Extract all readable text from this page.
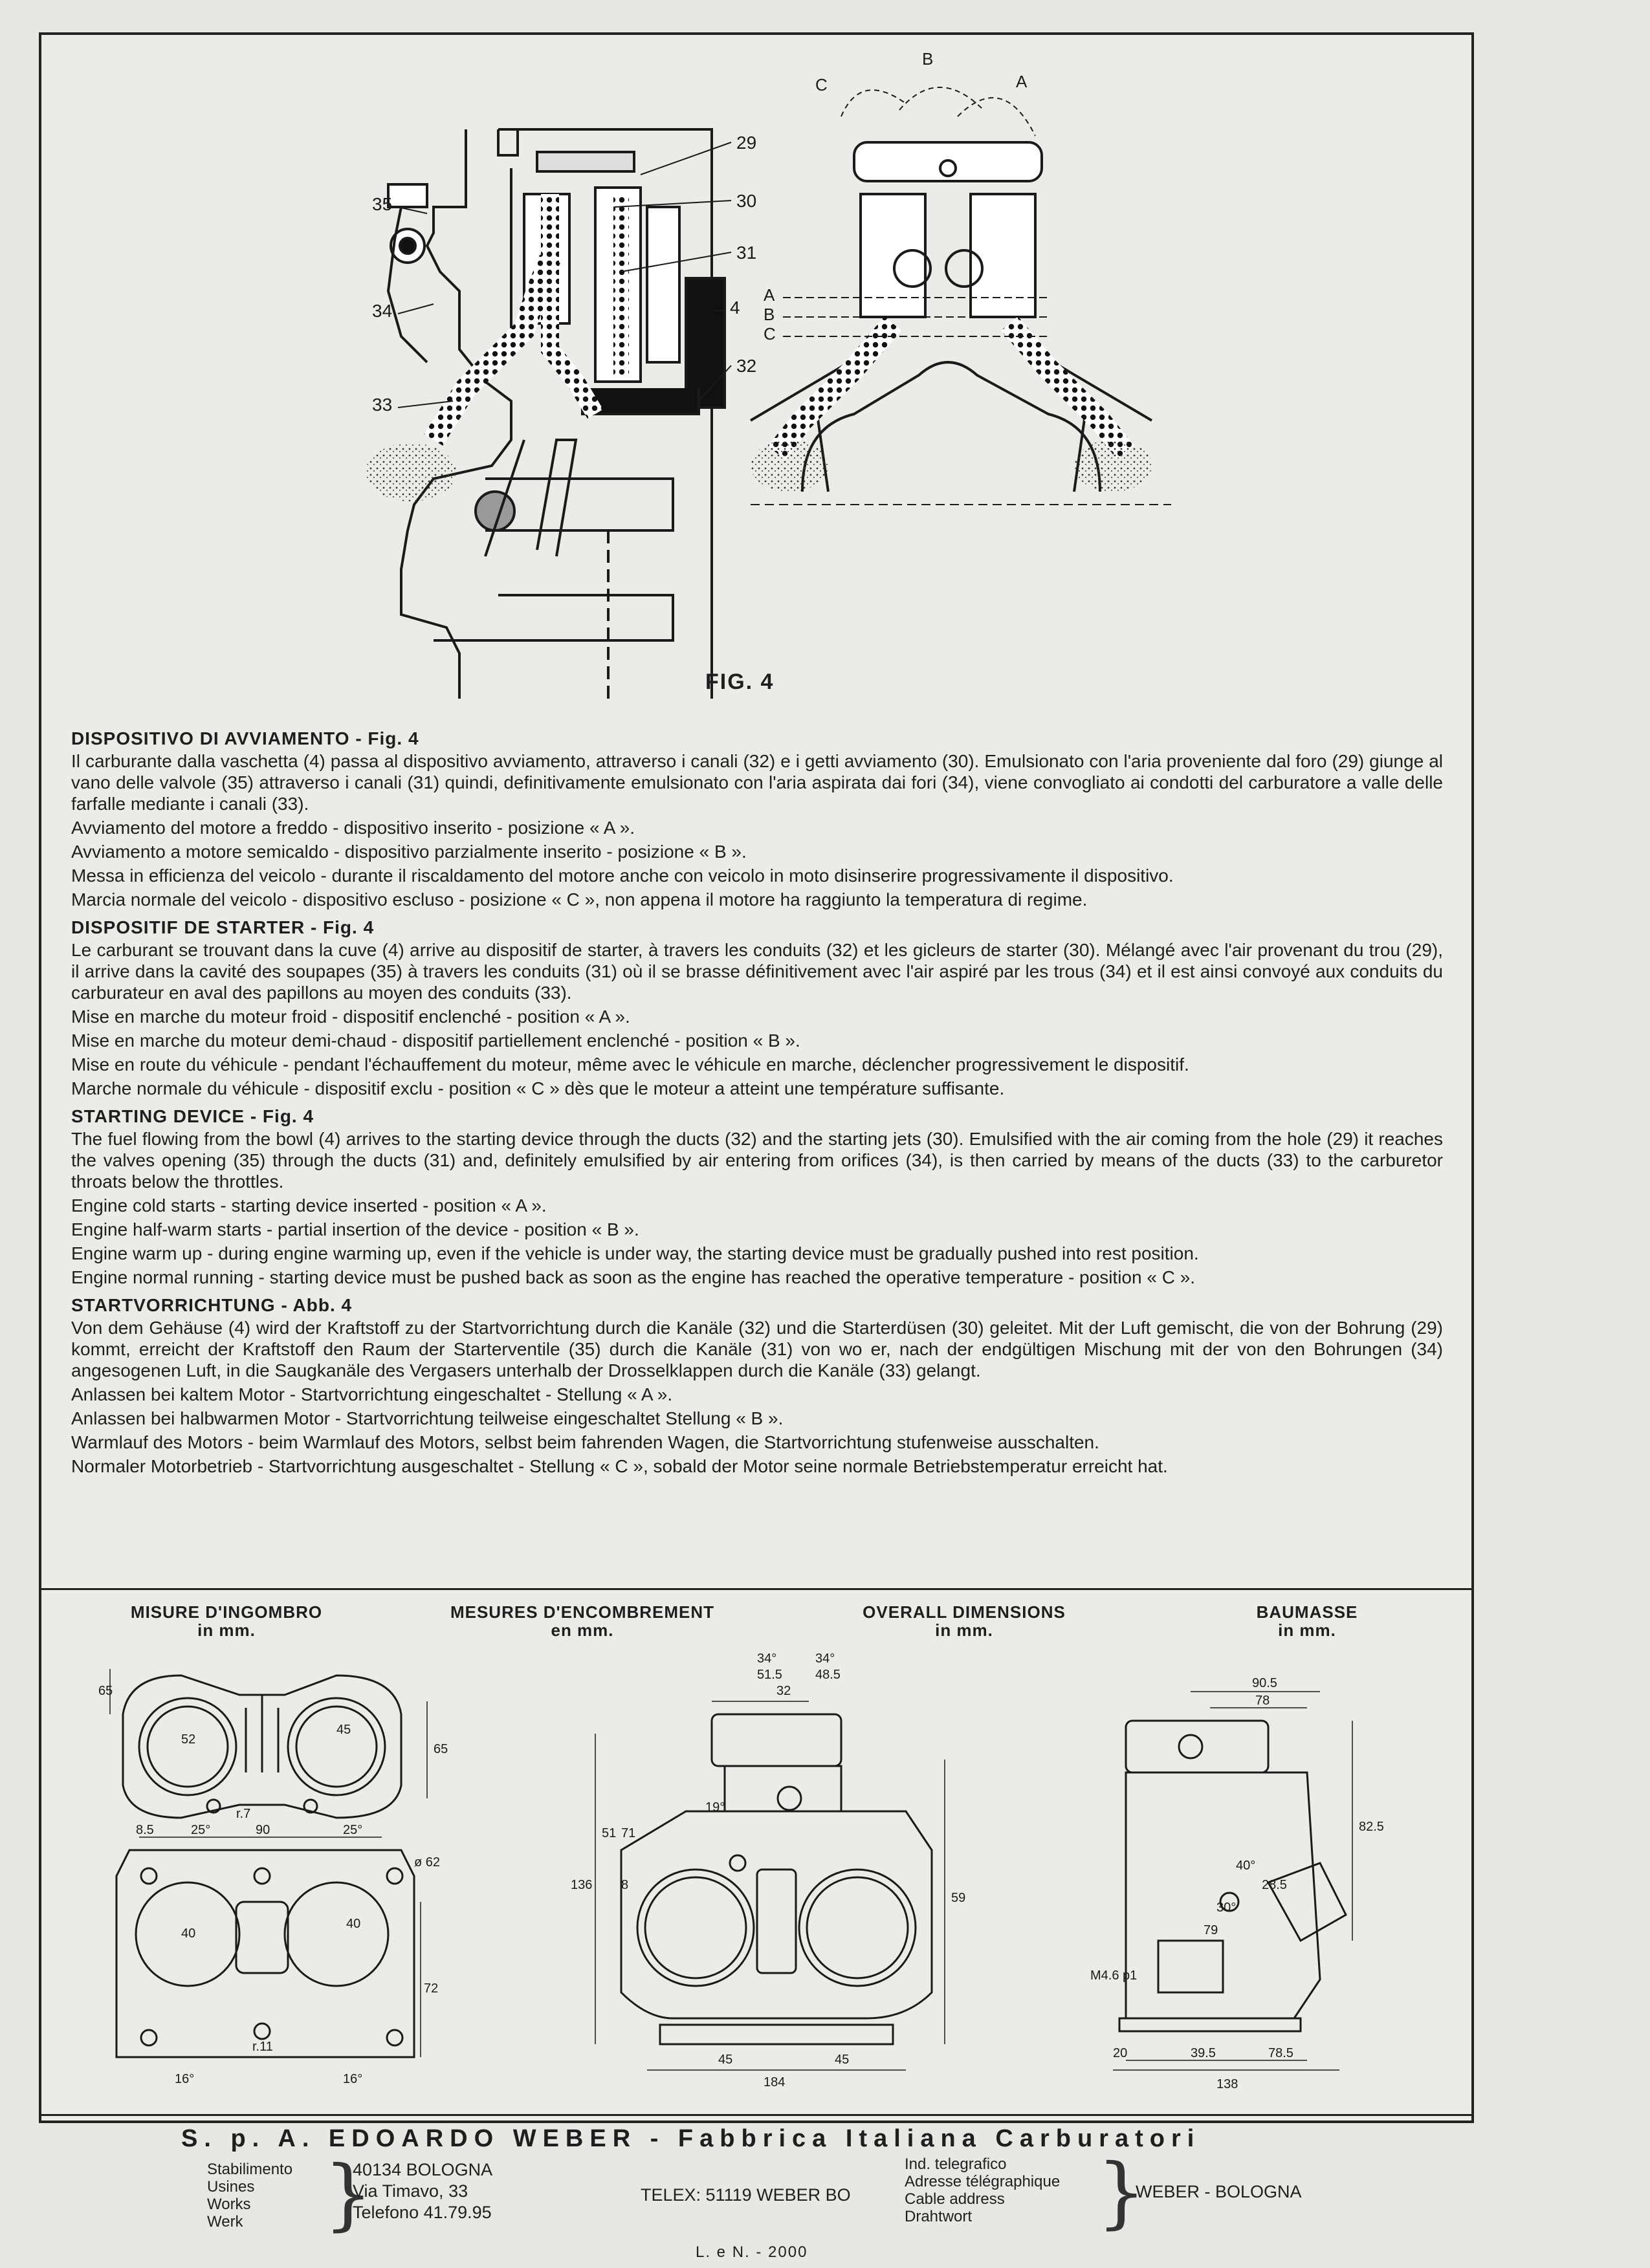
29
30
31
4
32
35
34
33
A
B
C
C
B
A
FIG. 4
DISPOSITIVO DI AVVIAMENTO - Fig. 4

Il carburante dalla vaschetta (4) passa al dispositivo avviamento, attraverso i canali (32) e i getti avviamento (30). Emulsionato con l'aria proveniente dal foro (29) giunge al vano delle valvole (35) attraverso i canali (31) quindi, definitivamente emulsionato con l'aria aspirata dai fori (34), viene convogliato ai condotti del carburatore a valle delle farfalle mediante i canali (33).

Avviamento del motore a freddo - dispositivo inserito - posizione « A ».

Avviamento a motore semicaldo - dispositivo parzialmente inserito - posizione « B ».

Messa in efficienza del veicolo - durante il riscaldamento del motore anche con veicolo in moto disinserire progressivamente il dispositivo.

Marcia normale del veicolo - dispositivo escluso - posizione « C », non appena il motore ha raggiunto la temperatura di regime.

DISPOSITIF DE STARTER - Fig. 4

Le carburant se trouvant dans la cuve (4) arrive au dispositif de starter, à travers les conduits (32) et les gicleurs de starter (30). Mélangé avec l'air provenant du trou (29), il arrive dans la cavité des soupapes (35) à travers les conduits (31) où il se brasse définitivement avec l'air aspiré par les trous (34) et il est ainsi convoyé aux conduits du carburateur en aval des papillons au moyen des conduits (33).

Mise en marche du moteur froid - dispositif enclenché - position « A ».

Mise en marche du moteur demi-chaud - dispositif partiellement enclenché - position « B ».

Mise en route du véhicule - pendant l'échauffement du moteur, même avec le véhicule en marche, déclencher progressivement le dispositif.

Marche normale du véhicule - dispositif exclu - position « C » dès que le moteur a atteint une température suffisante.

STARTING DEVICE - Fig. 4

The fuel flowing from the bowl (4) arrives to the starting device through the ducts (32) and the starting jets (30). Emulsified with the air coming from the hole (29) it reaches the valves opening (35) through the ducts (31) and, definitely emulsified by air entering from orifices (34), is then carried by means of the ducts (33) to the carburetor throats below the throttles.

Engine cold starts - starting device inserted - position « A ».

Engine half-warm starts - partial insertion of the device - position « B ».

Engine warm up - during engine warming up, even if the vehicle is under way, the starting device must be gradually pushed into rest position.

Engine normal running - starting device must be pushed back as soon as the engine has reached the operative temperature - position « C ».

STARTVORRICHTUNG - Abb. 4

Von dem Gehäuse (4) wird der Kraftstoff zu der Startvorrichtung durch die Kanäle (32) und die Starterdüsen (30) geleitet. Mit der Luft gemischt, die von der Bohrung (29) kommt, erreicht der Kraftstoff den Raum der Starterventile (35) durch die Kanäle (31) von wo er, nach der endgültigen Mischung mit der von den Bohrungen (34) angesogenen Luft, in die Saugkanäle des Vergasers unterhalb der Drosselklappen durch die Kanäle (33) gelangt.

Anlassen bei kaltem Motor - Startvorrichtung eingeschaltet - Stellung « A ».

Anlassen bei halbwarmen Motor - Startvorrichtung teilweise eingeschaltet Stellung « B ».

Warmlauf des Motors - beim Warmlauf des Motors, selbst beim fahrenden Wagen, die Startvorrichtung stufenweise ausschalten.

Normaler Motorbetrieb - Startvorrichtung ausgeschaltet - Stellung « C », sobald der Motor seine normale Betriebstemperatur erreicht hat.

MISURE D'INGOMBRO
in mm.
MESURES D'ENCOMBREMENT
en mm.
OVERALL DIMENSIONS
in mm.
BAUMASSE
in mm.
65
52
45
65
r.7
25°	25°
8.5	90
ø 62
40
40
72
r.11
16°	16°
34°	34°
51.5	48.5
32
136
51 71
8
59
45	45
184
19°
90.5
78
82.5
40°
30°
79
28.5
M4.6 p1
20	39.5	78.5
138
S. p. A. EDOARDO WEBER - Fabbrica Italiana Carburatori
Stabilimento
Usines
Works
Werk	}
40134 BOLOGNA
Via Timavo, 33
Telefono 41.79.95
TELEX: 51119 WEBER BO
Ind. telegrafico
Adresse télégraphique
Cable address
Drahtwort	}
WEBER - BOLOGNA
L. e N. - 2000
